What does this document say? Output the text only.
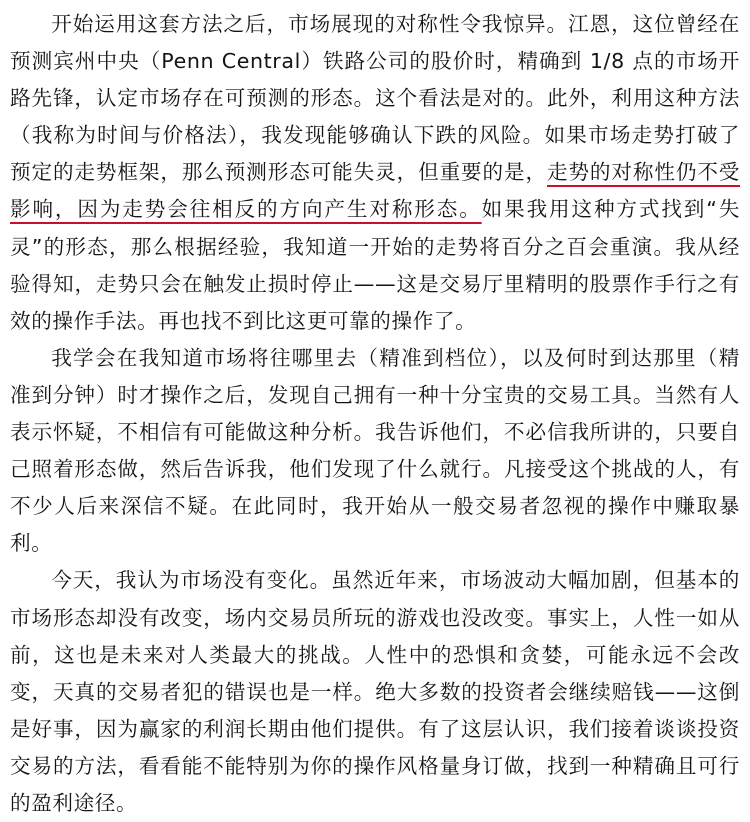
开始运用这套方法之后，市场展现的对称性令我惊异。江恩，这位曾经在预测宾州中央（Penn Central）铁路公司的股价时，精确到 1/8 点的市场开路先锋，认定市场存在可预测的形态。这个看法是对的。此外，利用这种方法（我称为时间与价格法），我发现能够确认下跌的风险。如果市场走势打破了预定的走势框架，那么预测形态可能失灵，但重要的是，走势的对称性仍不受影响，因为走势会往相反的方向产生对称形态。如果我用这种方式找到“失灵”的形态，那么根据经验，我知道一开始的走势将百分之百会重演。我从经验得知，走势只会在触发止损时停止——这是交易厅里精明的股票作手行之有效的操作手法。再也找不到比这更可靠的操作了。

我学会在我知道市场将往哪里去（精准到档位），以及何时到达那里（精准到分钟）时才操作之后，发现自己拥有一种十分宝贵的交易工具。当然有人表示怀疑，不相信有可能做这种分析。我告诉他们，不必信我所讲的，只要自己照着形态做，然后告诉我，他们发现了什么就行。凡接受这个挑战的人，有不少人后来深信不疑。在此同时，我开始从一般交易者忽视的操作中赚取暴利。

今天，我认为市场没有变化。虽然近年来，市场波动大幅加剧，但基本的市场形态却没有改变，场内交易员所玩的游戏也没改变。事实上，人性一如从前，这也是未来对人类最大的挑战。人性中的恐惧和贪婪，可能永远不会改变，天真的交易者犯的错误也是一样。绝大多数的投资者会继续赔钱——这倒是好事，因为赢家的利润长期由他们提供。有了这层认识，我们接着谈谈投资交易的方法，看看能不能特别为你的操作风格量身订做，找到一种精确且可行的盈利途径。
